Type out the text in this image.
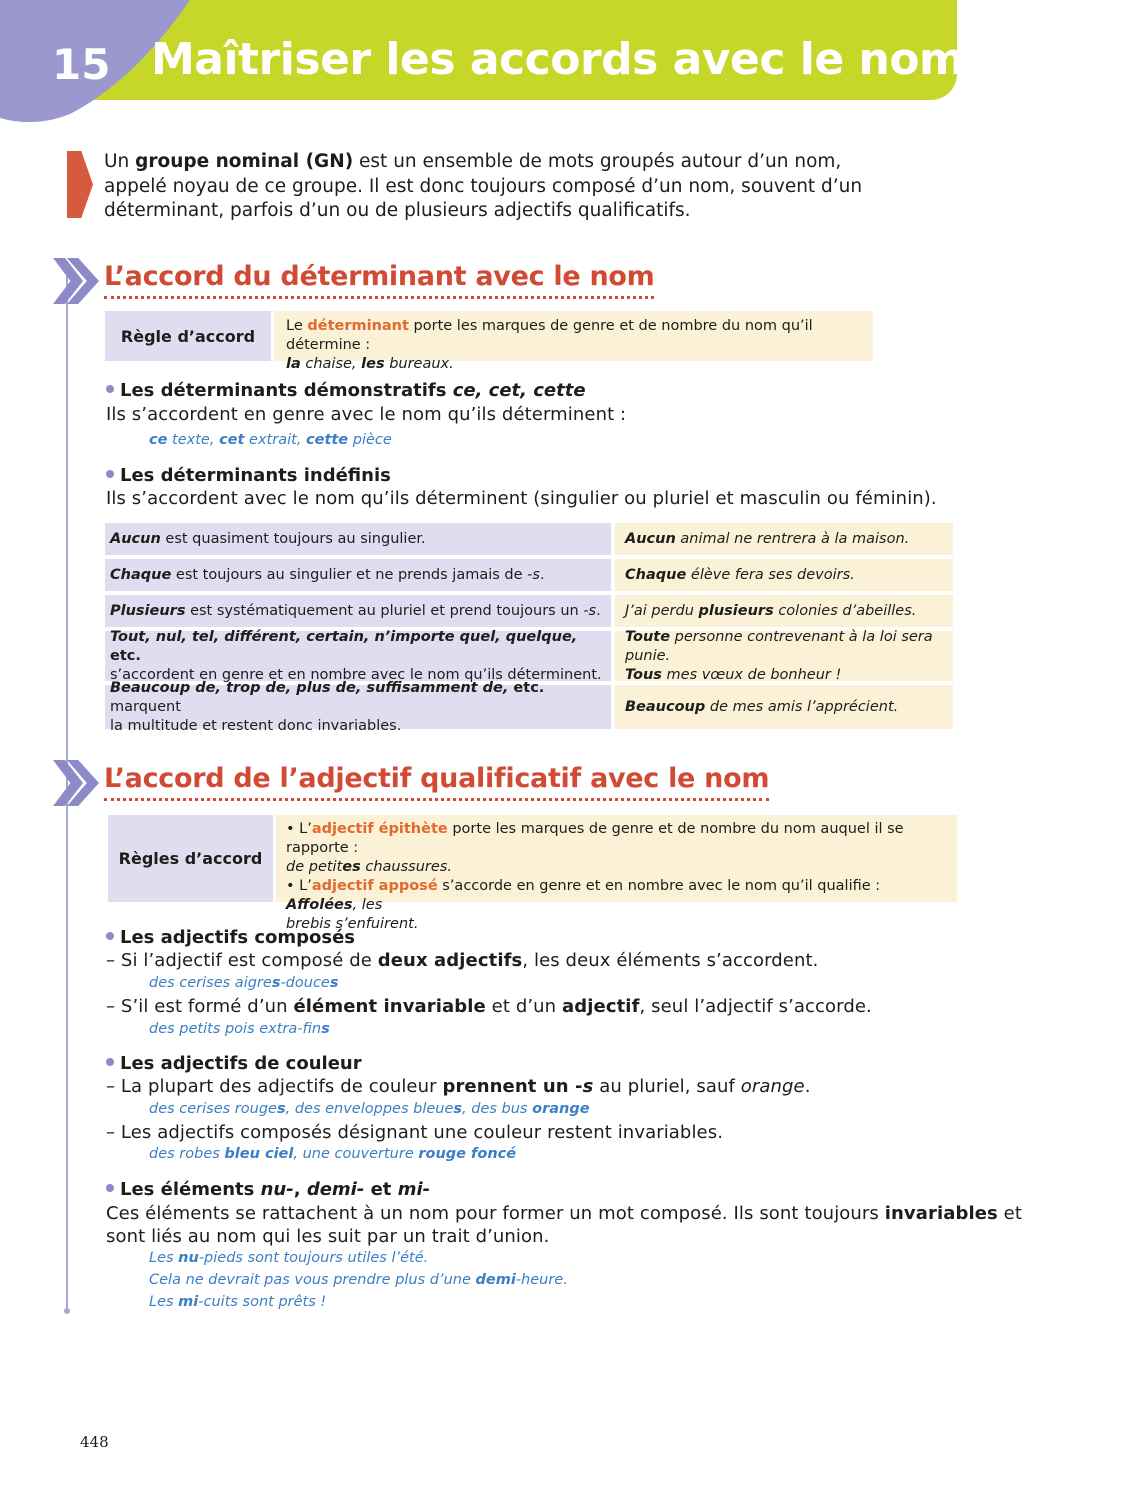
15 Maîtriser les accords avec le nom
Un groupe nominal (GN) est un ensemble de mots groupés autour d’un nom, appelé noyau de ce groupe. Il est donc toujours composé d’un nom, souvent d’un déterminant, parfois d’un ou de plusieurs adjectifs qualificatifs.
L’accord du déterminant avec le nom
Règle d’accord
Le déterminant porte les marques de genre et de nombre du nom qu’il détermine :
la chaise, les bureaux.
Les déterminants démonstratifs ce, cet, cette
Ils s’accordent en genre avec le nom qu’ils déterminent :
ce texte, cet extrait, cette pièce
Les déterminants indéfinis
Ils s’accordent avec le nom qu’ils déterminent (singulier ou pluriel et masculin ou féminin).
Aucun est quasiment toujours au singulier.	Aucun animal ne rentrera à la maison.
Chaque est toujours au singulier et ne prends jamais de -s.	Chaque élève fera ses devoirs.
Plusieurs est systématiquement au pluriel et prend toujours un -s. J’ai perdu plusieurs colonies d’abeilles.
Tout, nul, tel, différent, certain, n’importe quel, quelque, etc.
s’accordent en genre et en nombre avec le nom qu’ils déterminent.
Toute personne contrevenant à la loi sera punie.
Tous mes vœux de bonheur !
Beaucoup de, trop de, plus de, suffisamment de, etc. marquent
la multitude et restent donc invariables.
Beaucoup de mes amis l’apprécient.
L’accord de l’adjectif qualificatif avec le nom
Règles d’accord
• L’adjectif épithète porte les marques de genre et de nombre du nom auquel il se rapporte :
de petites chaussures.
• L’adjectif apposé s’accorde en genre et en nombre avec le nom qu’il qualifie : Affolées, les
brebis s’enfuirent.
Les adjectifs composés
– Si l’adjectif est composé de deux adjectifs, les deux éléments s’accordent.
des cerises aigres-douces
– S’il est formé d’un élément invariable et d’un adjectif, seul l’adjectif s’accorde.
des petits pois extra-fins
Les adjectifs de couleur
– La plupart des adjectifs de couleur prennent un -s au pluriel, sauf orange.
des cerises rouges, des enveloppes bleues, des bus orange
– Les adjectifs composés désignant une couleur restent invariables.
des robes bleu ciel, une couverture rouge foncé
Les éléments nu-, demi- et mi-
Ces éléments se rattachent à un nom pour former un mot composé. Ils sont toujours invariables et
sont liés au nom qui les suit par un trait d’union.
Les nu-pieds sont toujours utiles l’été.
Cela ne devrait pas vous prendre plus d’une demi-heure.
Les mi-cuits sont prêts !
448
